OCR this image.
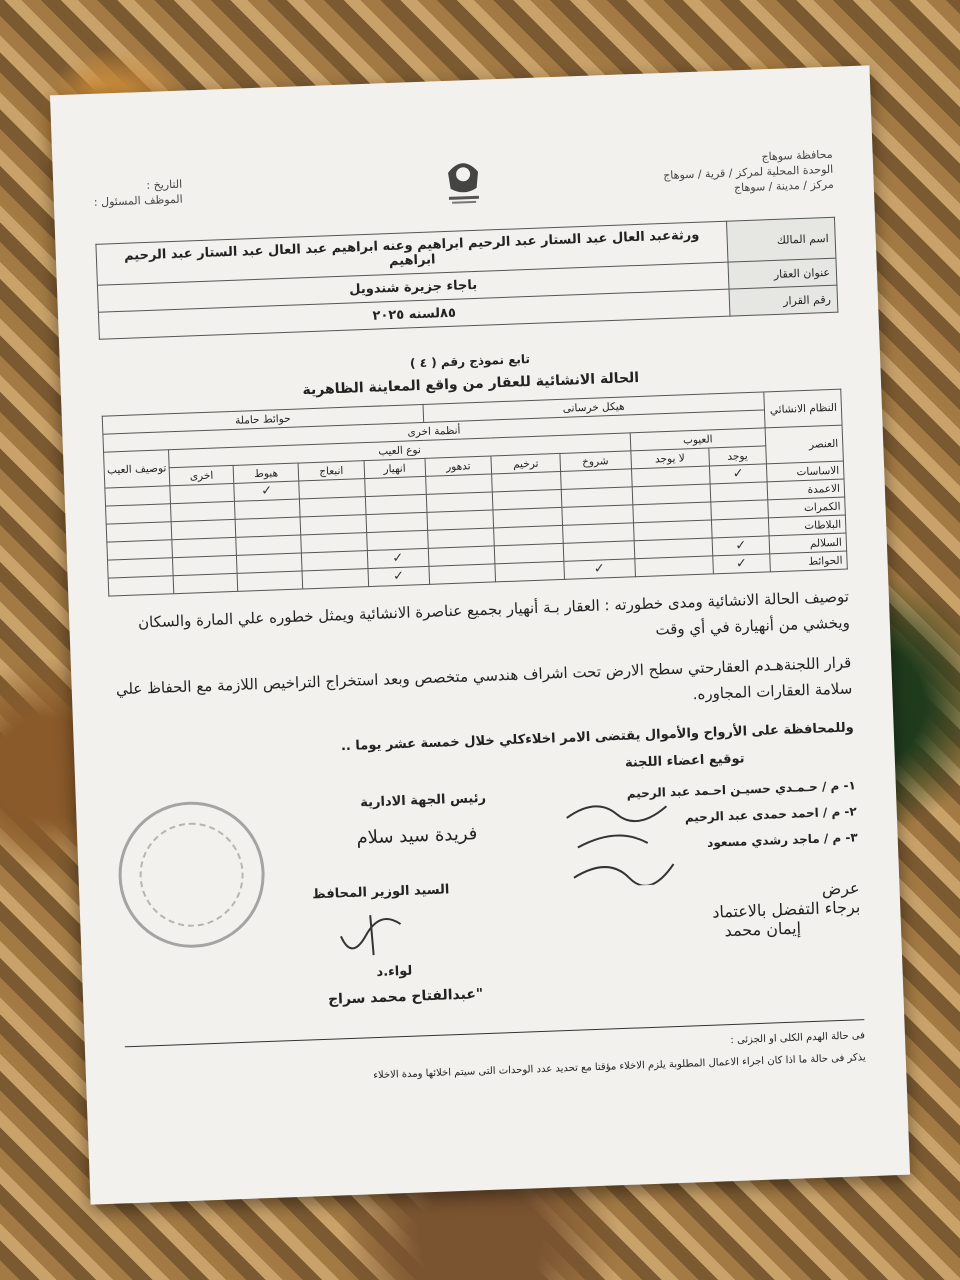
محافظة سوهاج
الوحدة المحلية لمركز / قرية / سوهاج
مركز / مدينة / سوهاج
التاريخ :
الموظف المسئول :
اسم المالك	ورثةعبد العال عبد الستار عبد الرحيم ابراهيم وعنه ابراهيم عبد العال عبد الستار عبد الرحيم ابراهيم
عنوان العقار	باجاء جزيرة شندويل
رقم القرار	٨٥لسنه ٢٠٢٥
تابع نموذج رقم ( ٤ )
الحالة الانشائية للعقار من واقع المعاينة الظاهرية
النظام الانشائي	هيكل خرسانى					حوائط حاملة				
	أنظمة اخرى									
العنصر	العيوب		نوع العيب							توصيف العيب
	يوجد	لا يوجد	شروخ	ترخيم	تدهور	انهيار	انبعاج	هبوط	اخرى	
الاساسات	✓							✓		
الاعمدة										
الكمرات										
البلاطات										
السلالم	✓					✓				
الحوائط	✓		✓			✓				
توصيف الحالة الانشائية ومدى خطورته : العقار بـة أنهيار بجميع عناصرة الانشائية ويمثل خطوره علي المارة والسكان ويخشي من أنهيارة في أي وقت
قرار اللجنةهـدم العقارحتي سطح الارض تحت اشراف هندسي متخصص وبعد استخراج التراخيص اللازمة مع الحفاظ علي سلامة العقارات المجاوره.
وللمحافظة على الأرواح والأموال يقتضى الامر اخلاءكلي خلال خمسة عشر يوما ..
توقيع اعضاء اللجنة
١- م / حـمـدي حسيـن احـمد عبد الرحيم
٢- م / احمد حمدى عبد الرحيم
٣- م / ماجد رشدي مسعود
عرض
برجاء التفضل بالاعتماد
إيمان محمد
رئيس الجهة الادارية
فريدة سيد سلام
السيد الوزير المحافظ
لواء.د
"عبدالفتاح محمد سراج
فى حالة الهدم الكلى او الجزئى :
يذكر فى حالة ما اذا كان اجراء الاعمال المطلوبة يلزم الاخلاء مؤقتا مع تحديد عدد الوحدات التى سيتم اخلائها ومدة الاخلاء
